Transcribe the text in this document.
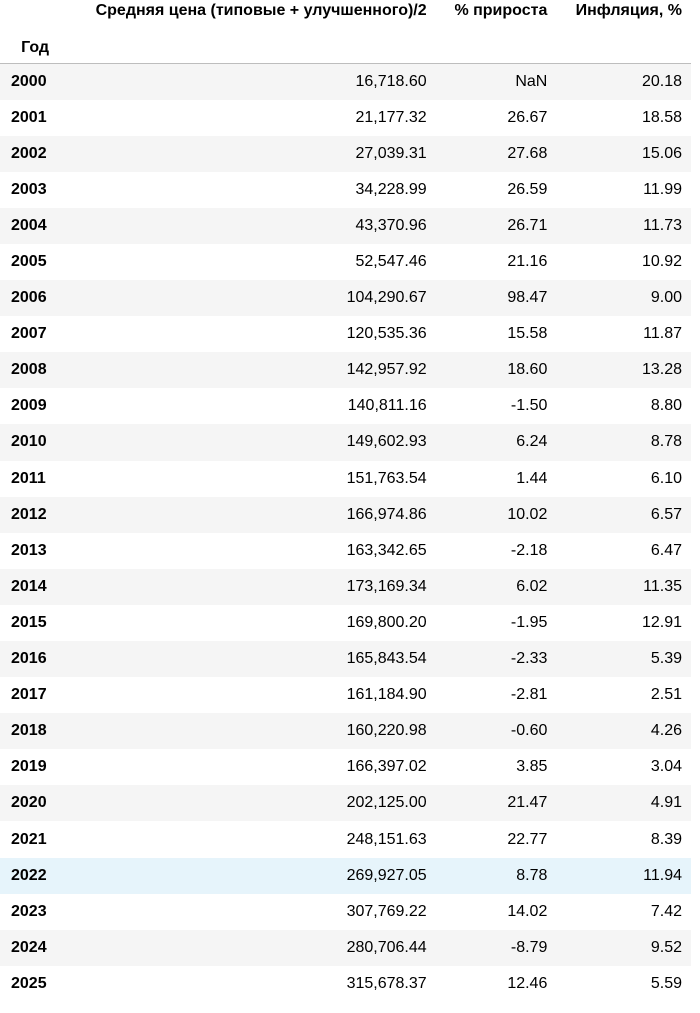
	Средняя цена (типовые + улучшенного)/2	% прироста	Инфляция, %
Год			
2000	16,718.60	NaN	20.18
2001	21,177.32	26.67	18.58
2002	27,039.31	27.68	15.06
2003	34,228.99	26.59	11.99
2004	43,370.96	26.71	11.73
2005	52,547.46	21.16	10.92
2006	104,290.67	98.47	9.00
2007	120,535.36	15.58	11.87
2008	142,957.92	18.60	13.28
2009	140,811.16	-1.50	8.80
2010	149,602.93	6.24	8.78
2011	151,763.54	1.44	6.10
2012	166,974.86	10.02	6.57
2013	163,342.65	-2.18	6.47
2014	173,169.34	6.02	11.35
2015	169,800.20	-1.95	12.91
2016	165,843.54	-2.33	5.39
2017	161,184.90	-2.81	2.51
2018	160,220.98	-0.60	4.26
2019	166,397.02	3.85	3.04
2020	202,125.00	21.47	4.91
2021	248,151.63	22.77	8.39
2022	269,927.05	8.78	11.94
2023	307,769.22	14.02	7.42
2024	280,706.44	-8.79	9.52
2025	315,678.37	12.46	5.59
